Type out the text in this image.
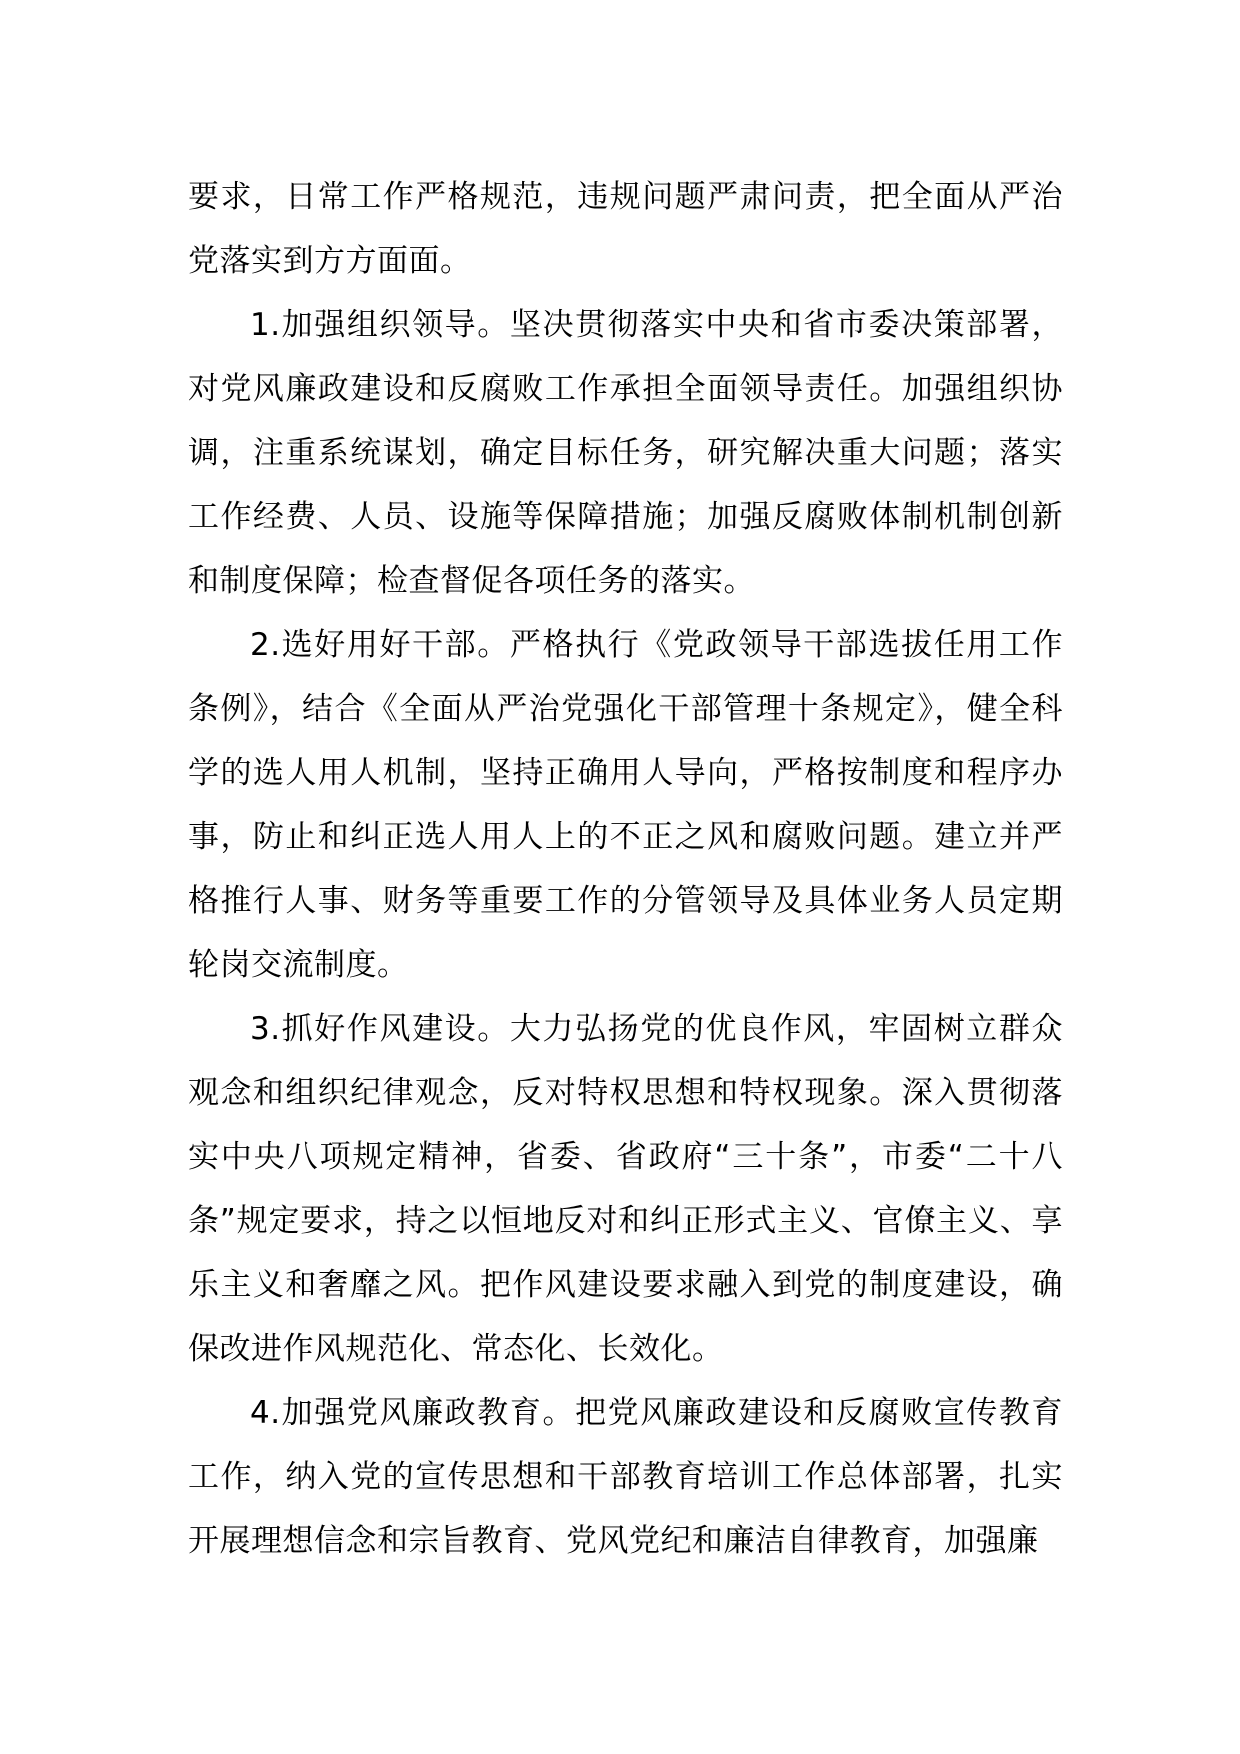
要求，日常工作严格规范，违规问题严肃问责，把全面从严治党落实到方方面面。

1.加强组织领导。坚决贯彻落实中央和省市委决策部署，对党风廉政建设和反腐败工作承担全面领导责任。加强组织协调，注重系统谋划，确定目标任务，研究解决重大问题；落实工作经费、人员、设施等保障措施；加强反腐败体制机制创新和制度保障；检查督促各项任务的落实。

2.选好用好干部。严格执行《党政领导干部选拔任用工作条例》，结合《全面从严治党强化干部管理十条规定》，健全科学的选人用人机制，坚持正确用人导向，严格按制度和程序办事，防止和纠正选人用人上的不正之风和腐败问题。建立并严格推行人事、财务等重要工作的分管领导及具体业务人员定期轮岗交流制度。

3.抓好作风建设。大力弘扬党的优良作风，牢固树立群众观念和组织纪律观念，反对特权思想和特权现象。深入贯彻落实中央八项规定精神，省委、省政府“三十条”，市委“二十八条”规定要求，持之以恒地反对和纠正形式主义、官僚主义、享乐主义和奢靡之风。把作风建设要求融入到党的制度建设，确保改进作风规范化、常态化、长效化。

4.加强党风廉政教育。把党风廉政建设和反腐败宣传教育工作，纳入党的宣传思想和干部教育培训工作总体部署，扎实开展理想信念和宗旨教育、党风党纪和廉洁自律教育，加强廉
